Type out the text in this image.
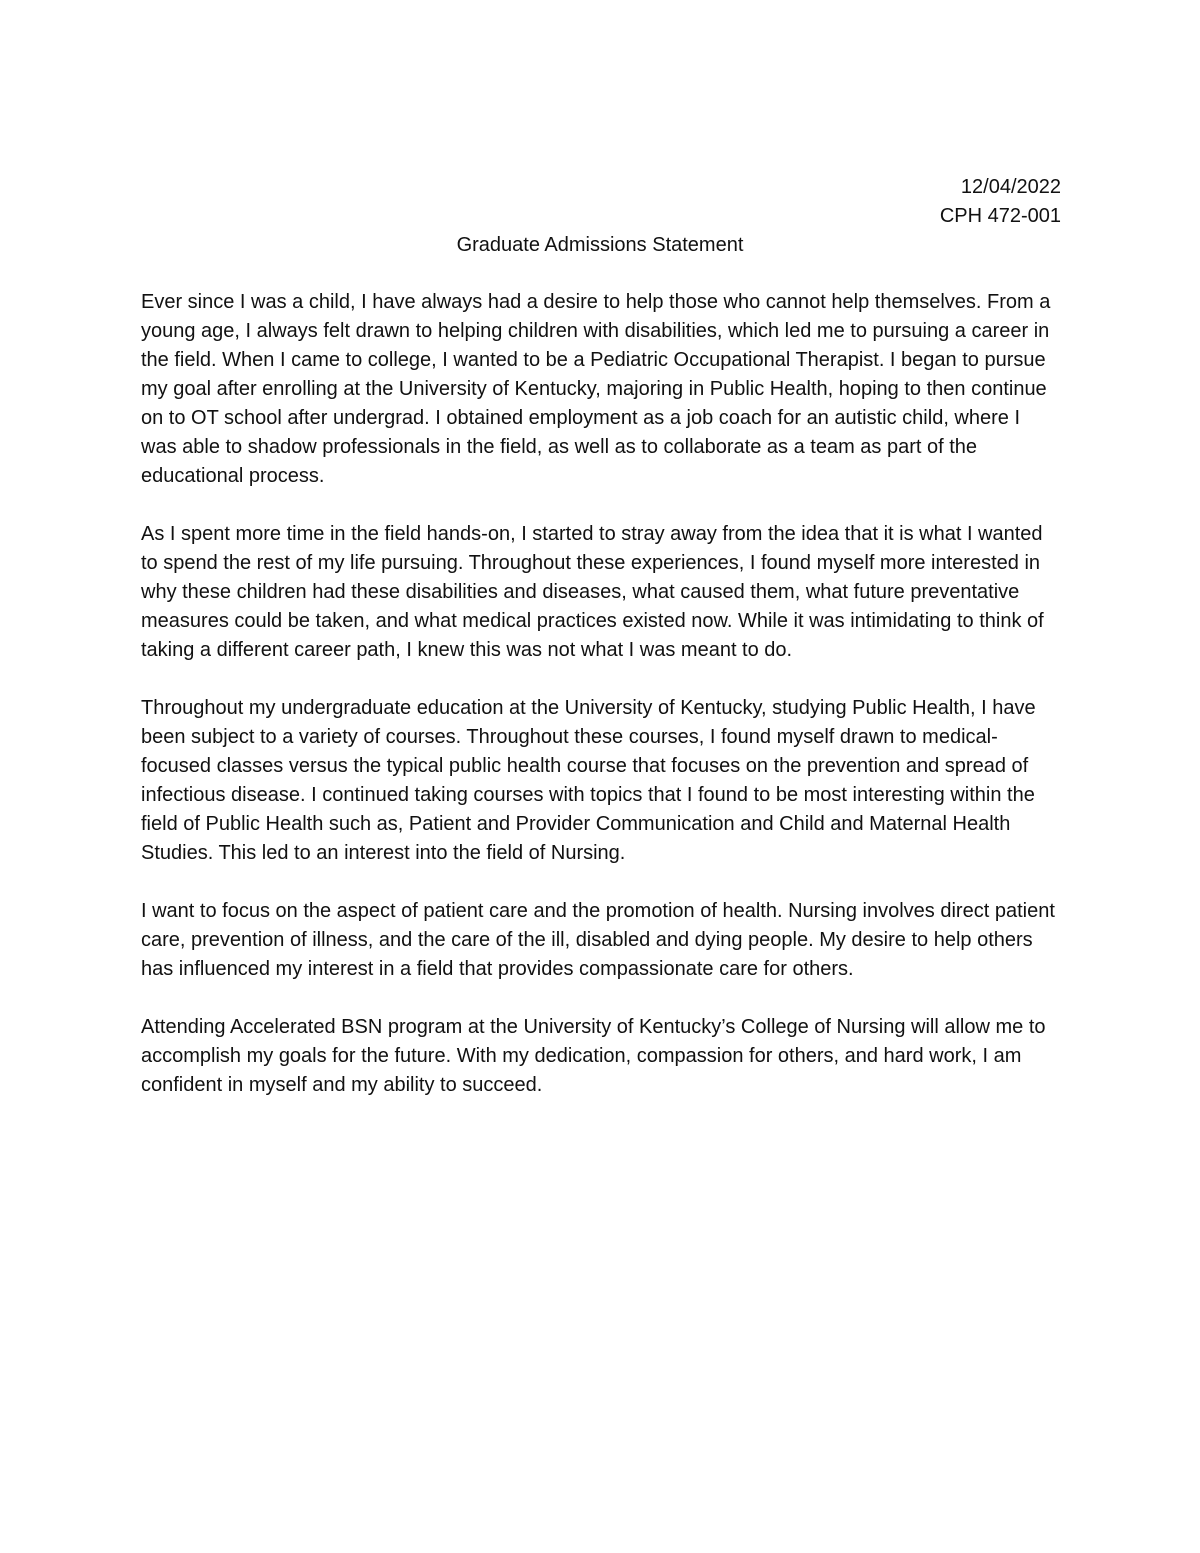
12/04/2022
CPH 472-001
Graduate Admissions Statement

Ever since I was a child, I have always had a desire to help those who cannot help themselves. From a young age, I always felt drawn to helping children with disabilities, which led me to pursuing a career in the field. When I came to college, I wanted to be a Pediatric Occupational Therapist. I began to pursue my goal after enrolling at the University of Kentucky, majoring in Public Health, hoping to then continue on to OT school after undergrad. I obtained employment as a job coach for an autistic child, where I was able to shadow professionals in the field, as well as to collaborate as a team as part of the educational process.

As I spent more time in the field hands-on, I started to stray away from the idea that it is what I wanted to spend the rest of my life pursuing. Throughout these experiences, I found myself more interested in why these children had these disabilities and diseases, what caused them, what future preventative measures could be taken, and what medical practices existed now. While it was intimidating to think of taking a different career path, I knew this was not what I was meant to do.

Throughout my undergraduate education at the University of Kentucky, studying Public Health, I have been subject to a variety of courses. Throughout these courses, I found myself drawn to medical-focused classes versus the typical public health course that focuses on the prevention and spread of infectious disease. I continued taking courses with topics that I found to be most interesting within the field of Public Health such as, Patient and Provider Communication and Child and Maternal Health Studies. This led to an interest into the field of Nursing.

I want to focus on the aspect of patient care and the promotion of health. Nursing involves direct patient care, prevention of illness, and the care of the ill, disabled and dying people. My desire to help others has influenced my interest in a field that provides compassionate care for others.

Attending Accelerated BSN program at the University of Kentucky’s College of Nursing will allow me to accomplish my goals for the future. With my dedication, compassion for others, and hard work, I am confident in myself and my ability to succeed.
